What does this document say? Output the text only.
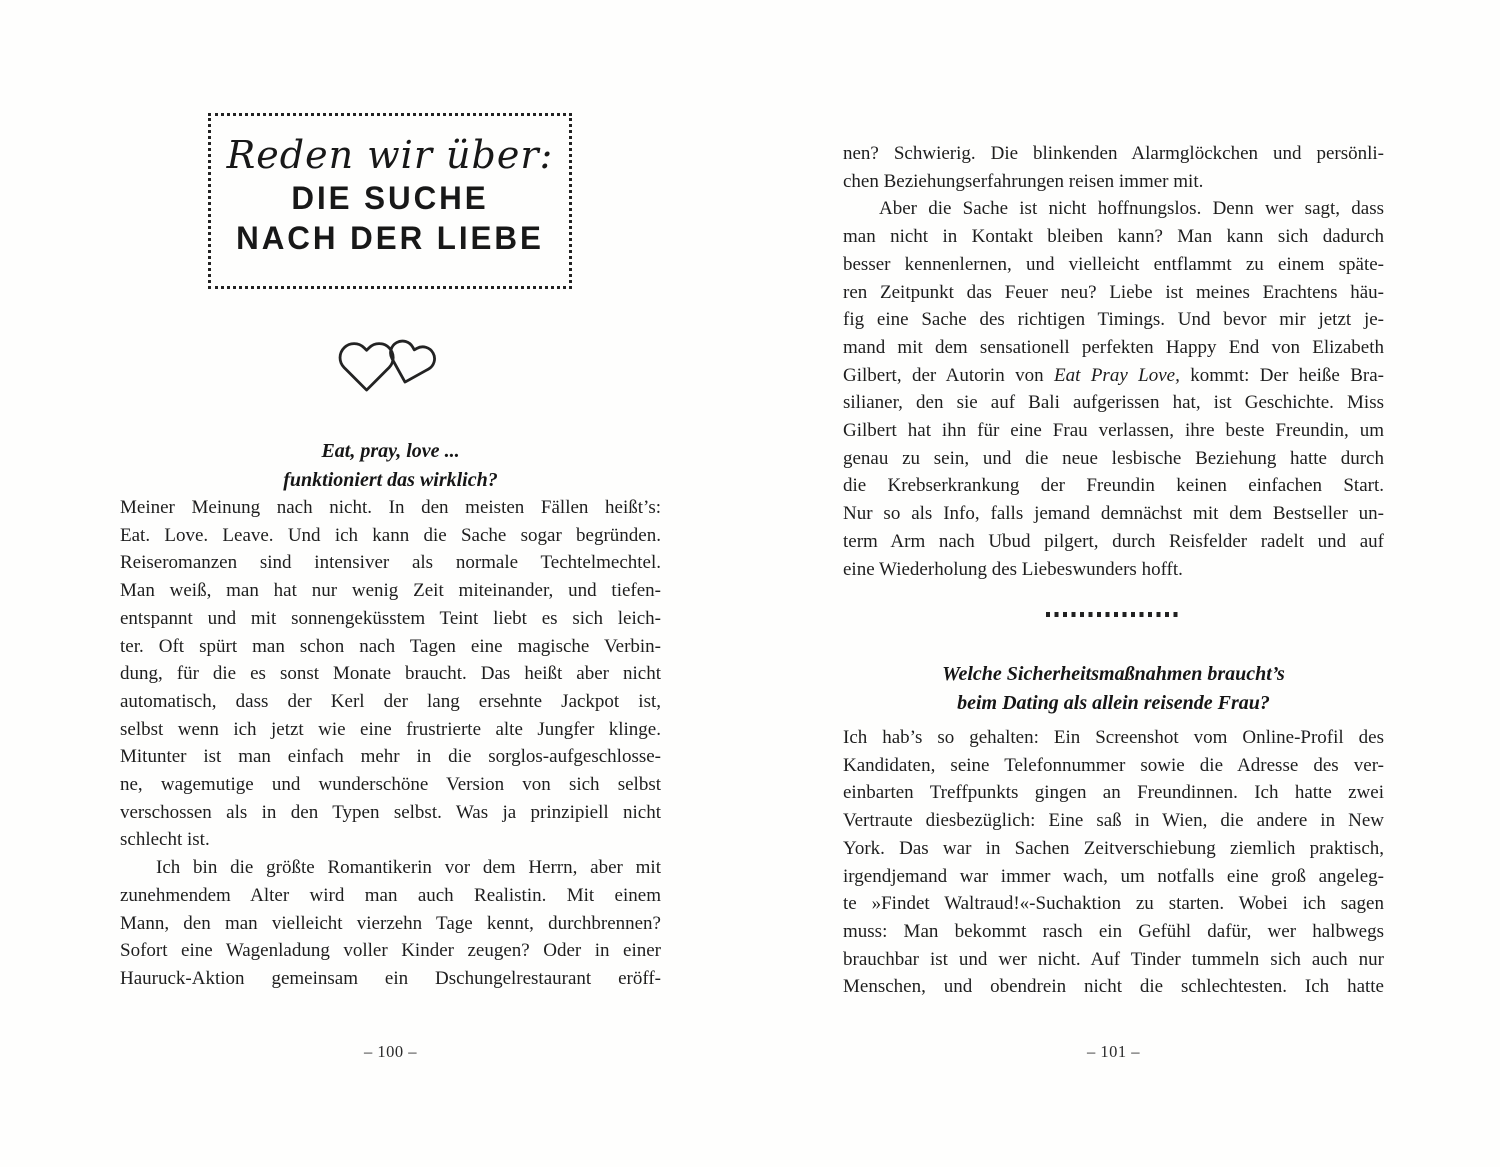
Reden wir über:
DIE SUCHE
NACH DER LIEBE
Eat, pray, love ...
funktioniert das wirklich?
Meiner Meinung nach nicht. In den meisten Fällen heißt’s:
Eat. Love. Leave. Und ich kann die Sache sogar begründen.
Reiseromanzen sind intensiver als normale Techtelmechtel.
Man weiß, man hat nur wenig Zeit miteinander, und tiefen-
entspannt und mit sonnengeküsstem Teint liebt es sich leich-
ter. Oft spürt man schon nach Tagen eine magische Verbin-
dung, für die es sonst Monate braucht. Das heißt aber nicht
automatisch, dass der Kerl der lang ersehnte Jackpot ist,
selbst wenn ich jetzt wie eine frustrierte alte Jungfer klinge.
Mitunter ist man einfach mehr in die sorglos-aufgeschlosse-
ne, wagemutige und wunderschöne Version von sich selbst
verschossen als in den Typen selbst. Was ja prinzipiell nicht
schlecht ist.
Ich bin die größte Romantikerin vor dem Herrn, aber mit
zunehmendem Alter wird man auch Realistin. Mit einem
Mann, den man vielleicht vierzehn Tage kennt, durchbrennen?
Sofort eine Wagenladung voller Kinder zeugen? Oder in einer
Hauruck-Aktion gemeinsam ein Dschungelrestaurant eröff-
– 100 –
nen? Schwierig. Die blinkenden Alarmglöckchen und persönli-
chen Beziehungserfahrungen reisen immer mit.
Aber die Sache ist nicht hoffnungslos. Denn wer sagt, dass
man nicht in Kontakt bleiben kann? Man kann sich dadurch
besser kennenlernen, und vielleicht entflammt zu einem späte-
ren Zeitpunkt das Feuer neu? Liebe ist meines Erachtens häu-
fig eine Sache des richtigen Timings. Und bevor mir jetzt je-
mand mit dem sensationell perfekten Happy End von Elizabeth
Gilbert, der Autorin von Eat Pray Love, kommt: Der heiße Bra-
silianer, den sie auf Bali aufgerissen hat, ist Geschichte. Miss
Gilbert hat ihn für eine Frau verlassen, ihre beste Freundin, um
genau zu sein, und die neue lesbische Beziehung hatte durch
die Krebserkrankung der Freundin keinen einfachen Start.
Nur so als Info, falls jemand demnächst mit dem Bestseller un-
term Arm nach Ubud pilgert, durch Reisfelder radelt und auf
eine Wiederholung des Liebeswunders hofft.
Welche Sicherheitsmaßnahmen braucht’s
beim Dating als allein reisende Frau?
Ich hab’s so gehalten: Ein Screenshot vom Online-Profil des
Kandidaten, seine Telefonnummer sowie die Adresse des ver-
einbarten Treffpunkts gingen an Freundinnen. Ich hatte zwei
Vertraute diesbezüglich: Eine saß in Wien, die andere in New
York. Das war in Sachen Zeitverschiebung ziemlich praktisch,
irgendjemand war immer wach, um notfalls eine groß angeleg-
te »Findet Waltraud!«-Suchaktion zu starten. Wobei ich sagen
muss: Man bekommt rasch ein Gefühl dafür, wer halbwegs
brauchbar ist und wer nicht. Auf Tinder tummeln sich auch nur
Menschen, und obendrein nicht die schlechtesten. Ich hatte
– 101 –
